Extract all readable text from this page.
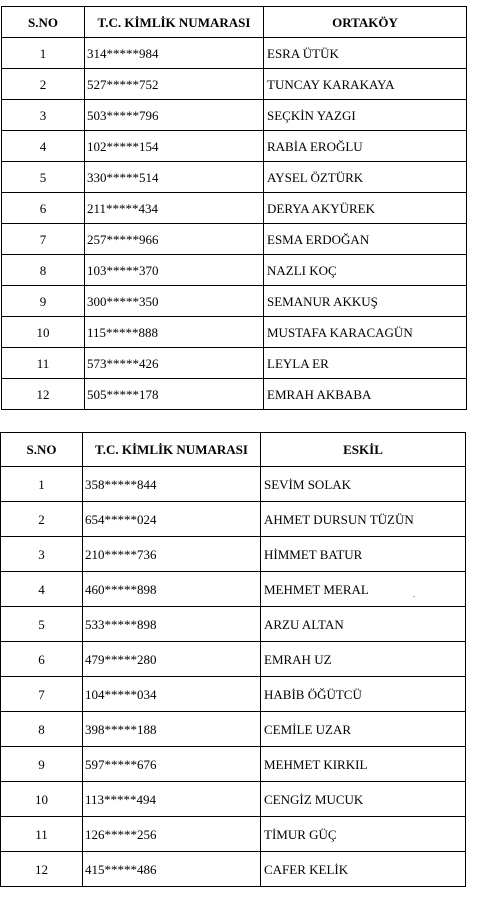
S.NO	T.C. KİMLİK NUMARASI	ORTAKÖY
1	314*****984	ESRA ÜTÜK
2	527*****752	TUNCAY KARAKAYA
3	503*****796	SEÇKİN YAZGI
4	102*****154	RABİA EROĞLU
5	330*****514	AYSEL ÖZTÜRK
6	211*****434	DERYA AKYÜREK
7	257*****966	ESMA ERDOĞAN
8	103*****370	NAZLI KOÇ
9	300*****350	SEMANUR AKKUŞ
10	115*****888	MUSTAFA KARACAGÜN
11	573*****426	LEYLA ER
12	505*****178	EMRAH AKBABA
S.NO	T.C. KİMLİK NUMARASI	ESKİL
1	358*****844	SEVİM SOLAK
2	654*****024	AHMET DURSUN TÜZÜN
3	210*****736	HİMMET BATUR
4	460*****898	MEHMET MERAL
5	533*****898	ARZU ALTAN
6	479*****280	EMRAH UZ
7	104*****034	HABİB ÖĞÜTCÜ
8	398*****188	CEMİLE UZAR
9	597*****676	MEHMET KIRKIL
10	113*****494	CENGİZ MUCUK
11	126*****256	TİMUR GÜÇ
12	415*****486	CAFER KELİK
.
